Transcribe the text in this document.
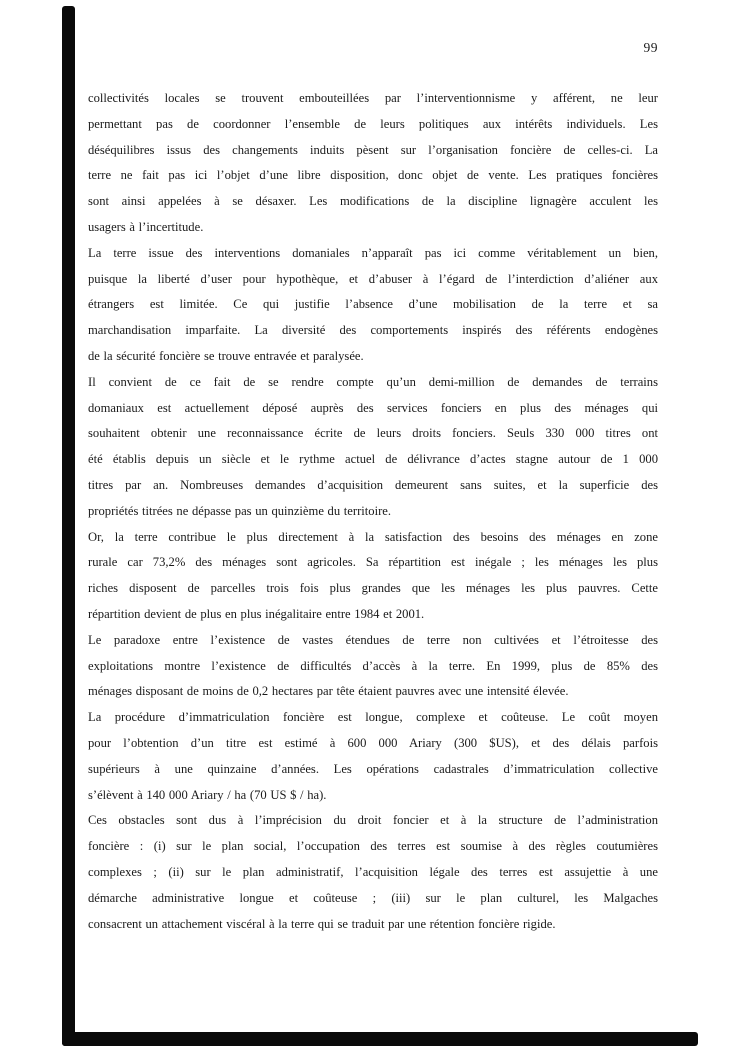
99
collectivités locales se trouvent embouteillées par l’interventionnisme y afférent, ne leur
permettant pas de coordonner l’ensemble de leurs politiques aux intérêts individuels. Les
déséquilibres issus des changements induits pèsent sur l’organisation foncière de celles-ci. La
terre ne fait pas ici l’objet d’une libre disposition, donc objet de vente. Les pratiques foncières
sont ainsi appelées à se désaxer. Les modifications de la discipline lignagère acculent les
usagers à l’incertitude.
La terre issue des interventions domaniales n’apparaît pas ici comme véritablement un bien,
puisque la liberté d’user pour hypothèque, et d’abuser à l’égard de l’interdiction d’aliéner aux
étrangers est limitée. Ce qui justifie l’absence d’une mobilisation de la terre et sa
marchandisation imparfaite. La diversité des comportements inspirés des référents endogènes
de la sécurité foncière se trouve entravée et paralysée.
Il convient de ce fait de se rendre compte qu’un demi-million de demandes de terrains
domaniaux est actuellement déposé auprès des services fonciers en plus des ménages qui
souhaitent obtenir une reconnaissance écrite de leurs droits fonciers. Seuls 330 000 titres ont
été établis depuis un siècle et le rythme actuel de délivrance d’actes stagne autour de 1 000
titres par an. Nombreuses demandes d’acquisition demeurent sans suites, et la superficie des
propriétés titrées ne dépasse pas un quinzième du territoire.
Or, la terre contribue le plus directement à la satisfaction des besoins des ménages en zone
rurale car 73,2% des ménages sont agricoles. Sa répartition est inégale ; les ménages les plus
riches disposent de parcelles trois fois plus grandes que les ménages les plus pauvres. Cette
répartition devient de plus en plus inégalitaire entre 1984 et 2001.
Le paradoxe entre l’existence de vastes étendues de terre non cultivées et l’étroitesse des
exploitations montre l’existence de difficultés d’accès à la terre. En 1999, plus de 85% des
ménages disposant de moins de 0,2 hectares par tête étaient pauvres avec une intensité élevée.
La procédure d’immatriculation foncière est longue, complexe et coûteuse. Le coût moyen
pour l’obtention d’un titre est estimé à 600 000 Ariary (300 $US), et des délais parfois
supérieurs à une quinzaine d’années. Les opérations cadastrales d’immatriculation collective
s’élèvent à 140 000 Ariary / ha (70 US $ / ha).
Ces obstacles sont dus à l’imprécision du droit foncier et à la structure de l’administration
foncière : (i) sur le plan social, l’occupation des terres est soumise à des règles coutumières
complexes ; (ii) sur le plan administratif, l’acquisition légale des terres est assujettie à une
démarche administrative longue et coûteuse ; (iii) sur le plan culturel, les Malgaches
consacrent un attachement viscéral à la terre qui se traduit par une rétention foncière rigide.
